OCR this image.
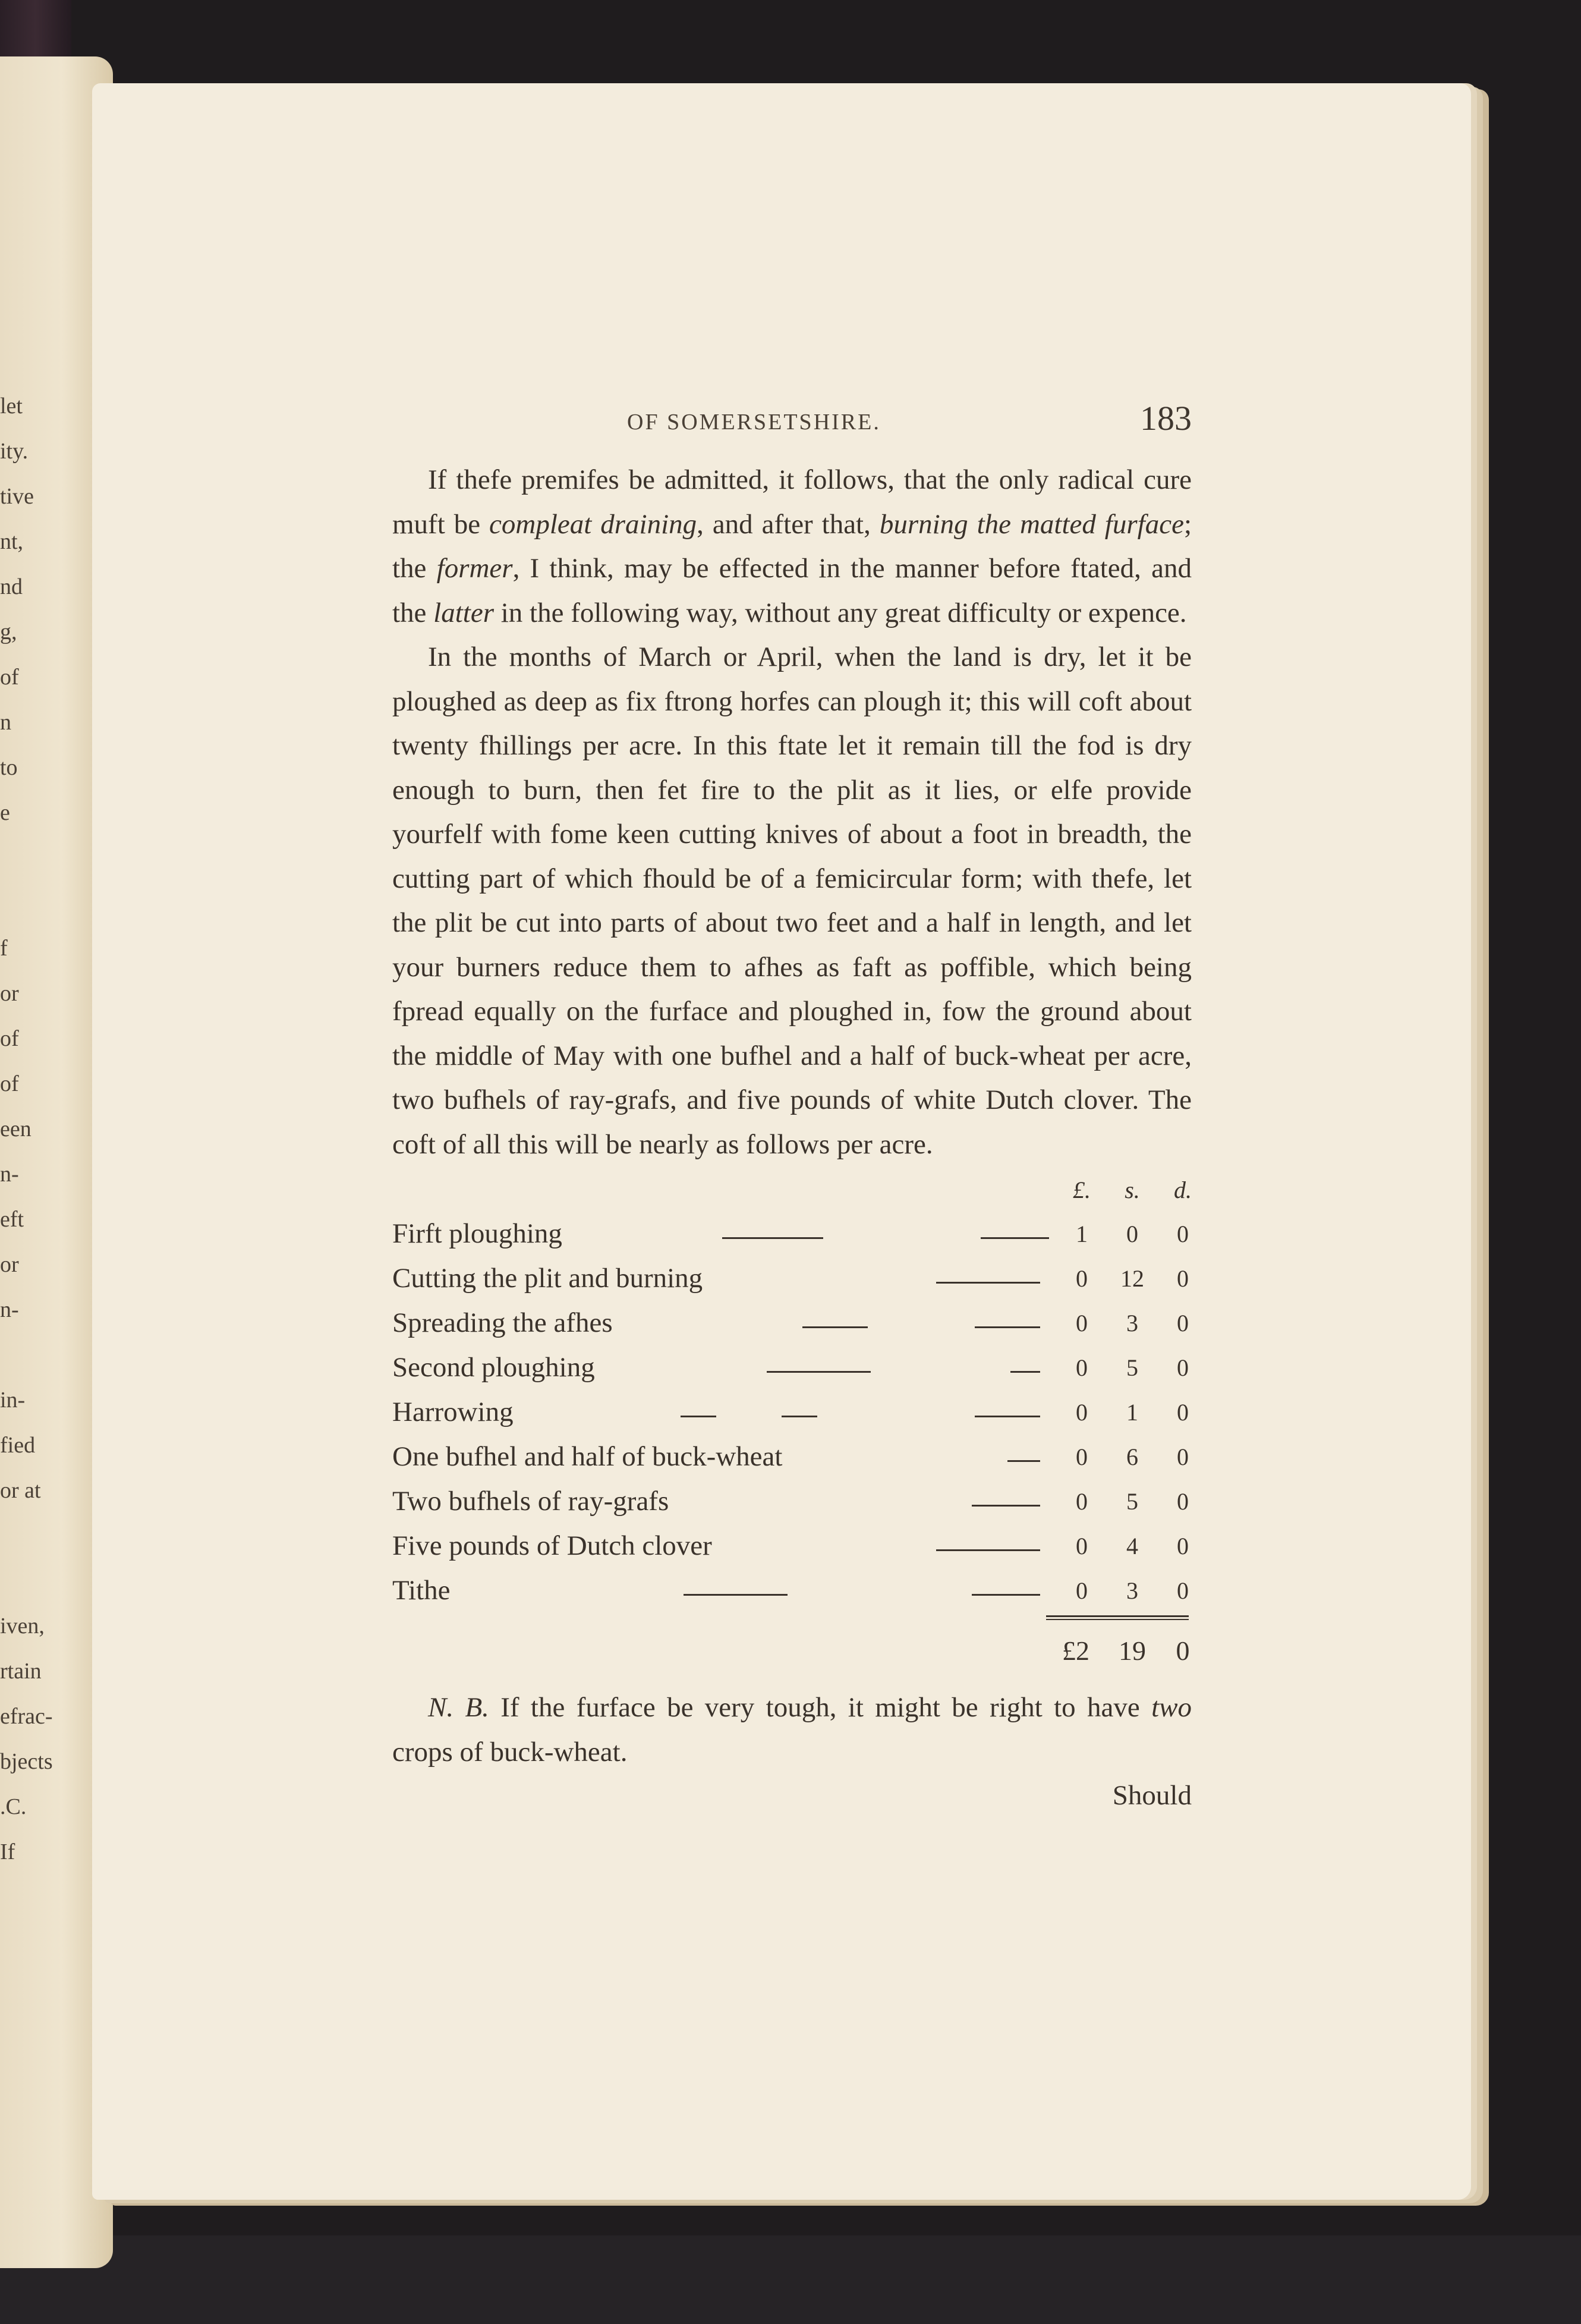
let
ity.
tive
nt,
nd
g,
of
n
to
e

f
or
of
of
een
n-
eft
or
n-

in-
fied
or at

iven,
rtain
efrac-
bjects
.C.
If
OF SOMERSETSHIRE.	183

If thefe premifes be admitted, it follows, that the only radical cure muft be compleat draining, and after that, burning the matted furface; the former, I think, may be effected in the manner before ftated, and the latter in the following way, without any great difficulty or expence.

In the months of March or April, when the land is dry, let it be ploughed as deep as fix ftrong horfes can plough it; this will coft about twenty fhillings per acre. In this ftate let it remain till the fod is dry enough to burn, then fet fire to the plit as it lies, or elfe provide yourfelf with fome keen cutting knives of about a foot in breadth, the cutting part of which fhould be of a femicircular form; with thefe, let the plit be cut into parts of about two feet and a half in length, and let your burners reduce them to afhes as faft as poffible, which being fpread equally on the furface and ploughed in, fow the ground about the middle of May with one bufhel and a half of buck-wheat per acre, two bufhels of ray-grafs, and five pounds of white Dutch clover. The coft of all this will be nearly as follows per acre.

£.	s.	d.
Firft ploughing	1	0	0
Cutting the plit and burning	0	12	0
Spreading the afhes	0	3	0
Second ploughing	0	5	0
Harrowing	0	1	0
One bufhel and half of buck-wheat	0	6	0
Two bufhels of ray-grafs	0	5	0
Five pounds of Dutch clover	0	4	0
Tithe	0	3	0
£2	19	0

N. B. If the furface be very tough, it might be right to have two crops of buck-wheat.

Should
